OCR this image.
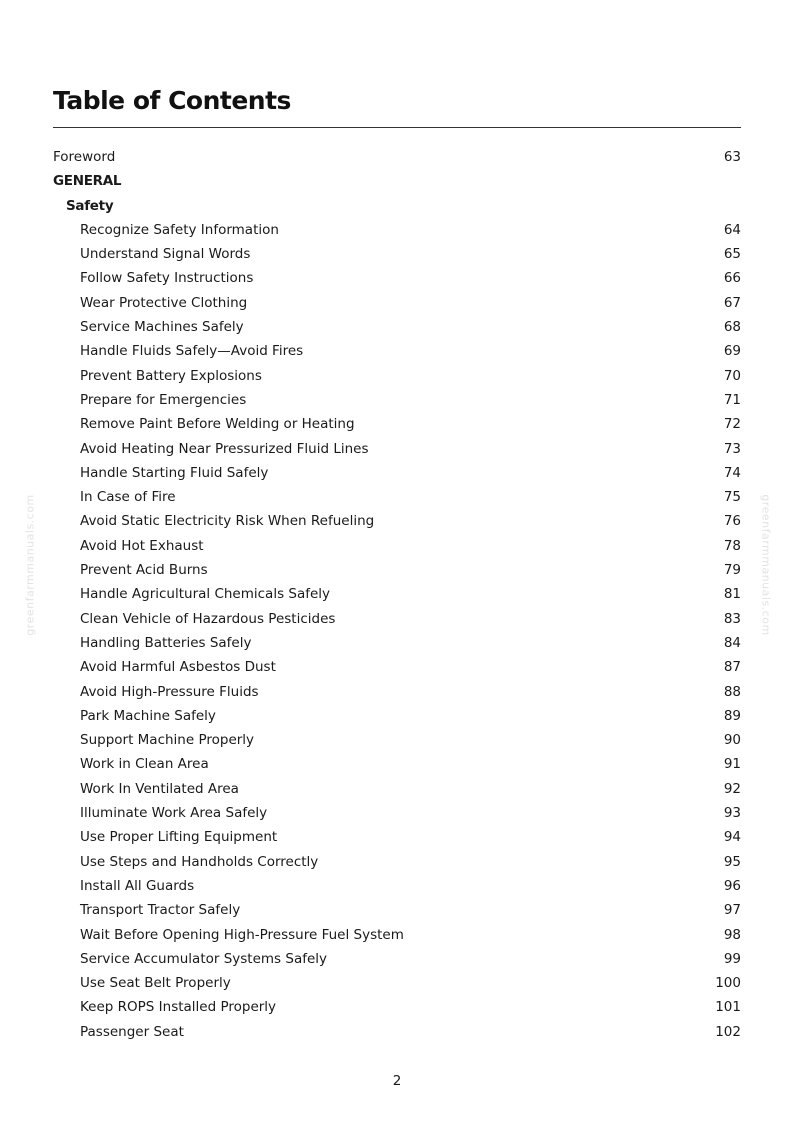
greenfarmmanuals.com	greenfarmmanuals.com
Table of Contents
Foreword	63
GENERAL
Safety
Recognize Safety Information	64
Understand Signal Words	65
Follow Safety Instructions	66
Wear Protective Clothing	67
Service Machines Safely	68
Handle Fluids Safely—Avoid Fires	69
Prevent Battery Explosions	70
Prepare for Emergencies	71
Remove Paint Before Welding or Heating	72
Avoid Heating Near Pressurized Fluid Lines	73
Handle Starting Fluid Safely	74
In Case of Fire	75
Avoid Static Electricity Risk When Refueling	76
Avoid Hot Exhaust	78
Prevent Acid Burns	79
Handle Agricultural Chemicals Safely	81
Clean Vehicle of Hazardous Pesticides	83
Handling Batteries Safely	84
Avoid Harmful Asbestos Dust	87
Avoid High-Pressure Fluids	88
Park Machine Safely	89
Support Machine Properly	90
Work in Clean Area	91
Work In Ventilated Area	92
Illuminate Work Area Safely	93
Use Proper Lifting Equipment	94
Use Steps and Handholds Correctly	95
Install All Guards	96
Transport Tractor Safely	97
Wait Before Opening High-Pressure Fuel System	98
Service Accumulator Systems Safely	99
Use Seat Belt Properly	100
Keep ROPS Installed Properly	101
Passenger Seat	102
2
